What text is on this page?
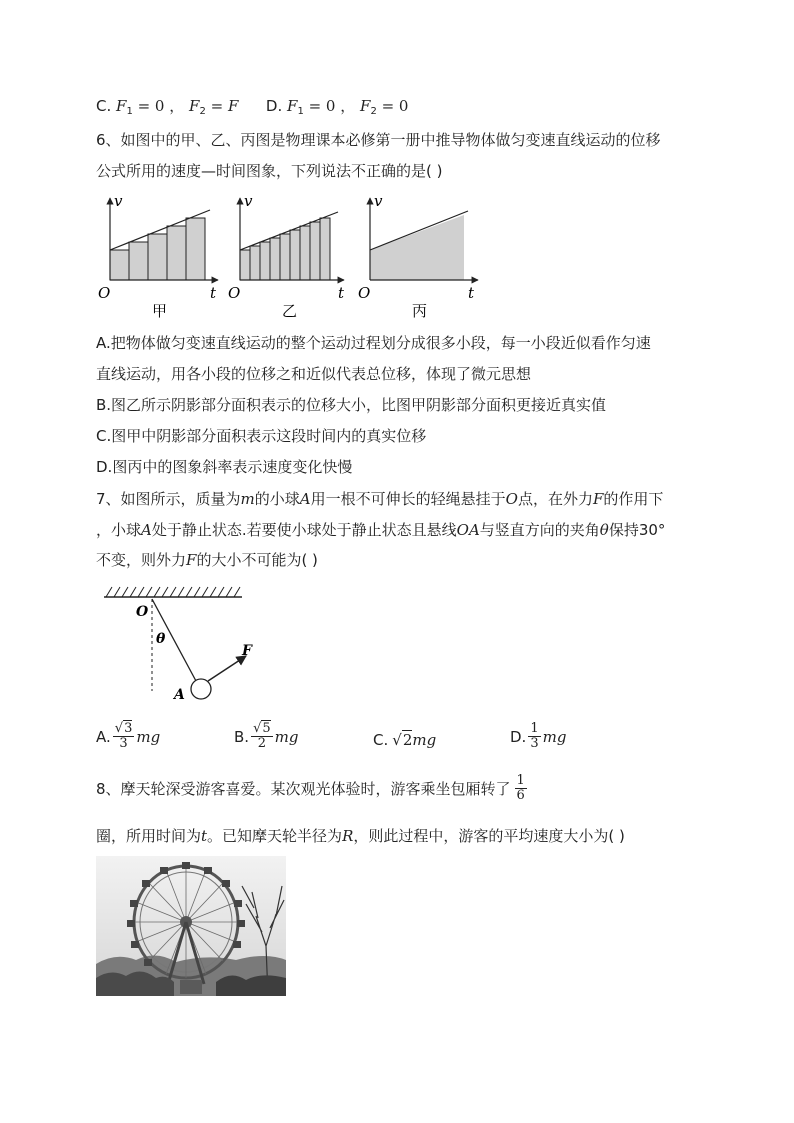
C. $F_1 = 0$ ， $F_2 = F$ D. $F_1 = 0$ ， $F_2 = 0$
6、如图中的甲、乙、丙图是物理课本必修第一册中推导物体做匀变速直线运动的位移
公式所用的速度—时间图象，下列说法不正确的是( )
v
O	t
甲
v
O	t
乙
v
O	t
丙
A.把物体做匀变速直线运动的整个运动过程划分成很多小段，每一小段近似看作匀速
直线运动，用各小段的位移之和近似代表总位移，体现了微元思想
B.图乙所示阴影部分面积表示的位移大小，比图甲阴影部分面积更接近真实值
C.图甲中阴影部分面积表示这段时间内的真实位移
D.图丙中的图象斜率表示速度变化快慢
7、如图所示，质量为m的小球A用一根不可伸长的轻绳悬挂于O点，在外力F的作用下
，小球A处于静止状态.若要使小球处于静止状态且悬线OA与竖直方向的夹角θ保持30°
不变，则外力F的大小不可能为( )
O
θ
A
F
A. $\frac{√3}{3}$ mg	B. $\frac{√5}{2}$ mg	C. √ 2 mg	D. $\frac{1}{3}$ mg
8、摩天轮深受游客喜爱。某次观光体验时，游客乘坐包厢转了 $\frac{1}{6}$
圈，所用时间为t。已知摩天轮半径为R，则此过程中，游客的平均速度大小为( )
